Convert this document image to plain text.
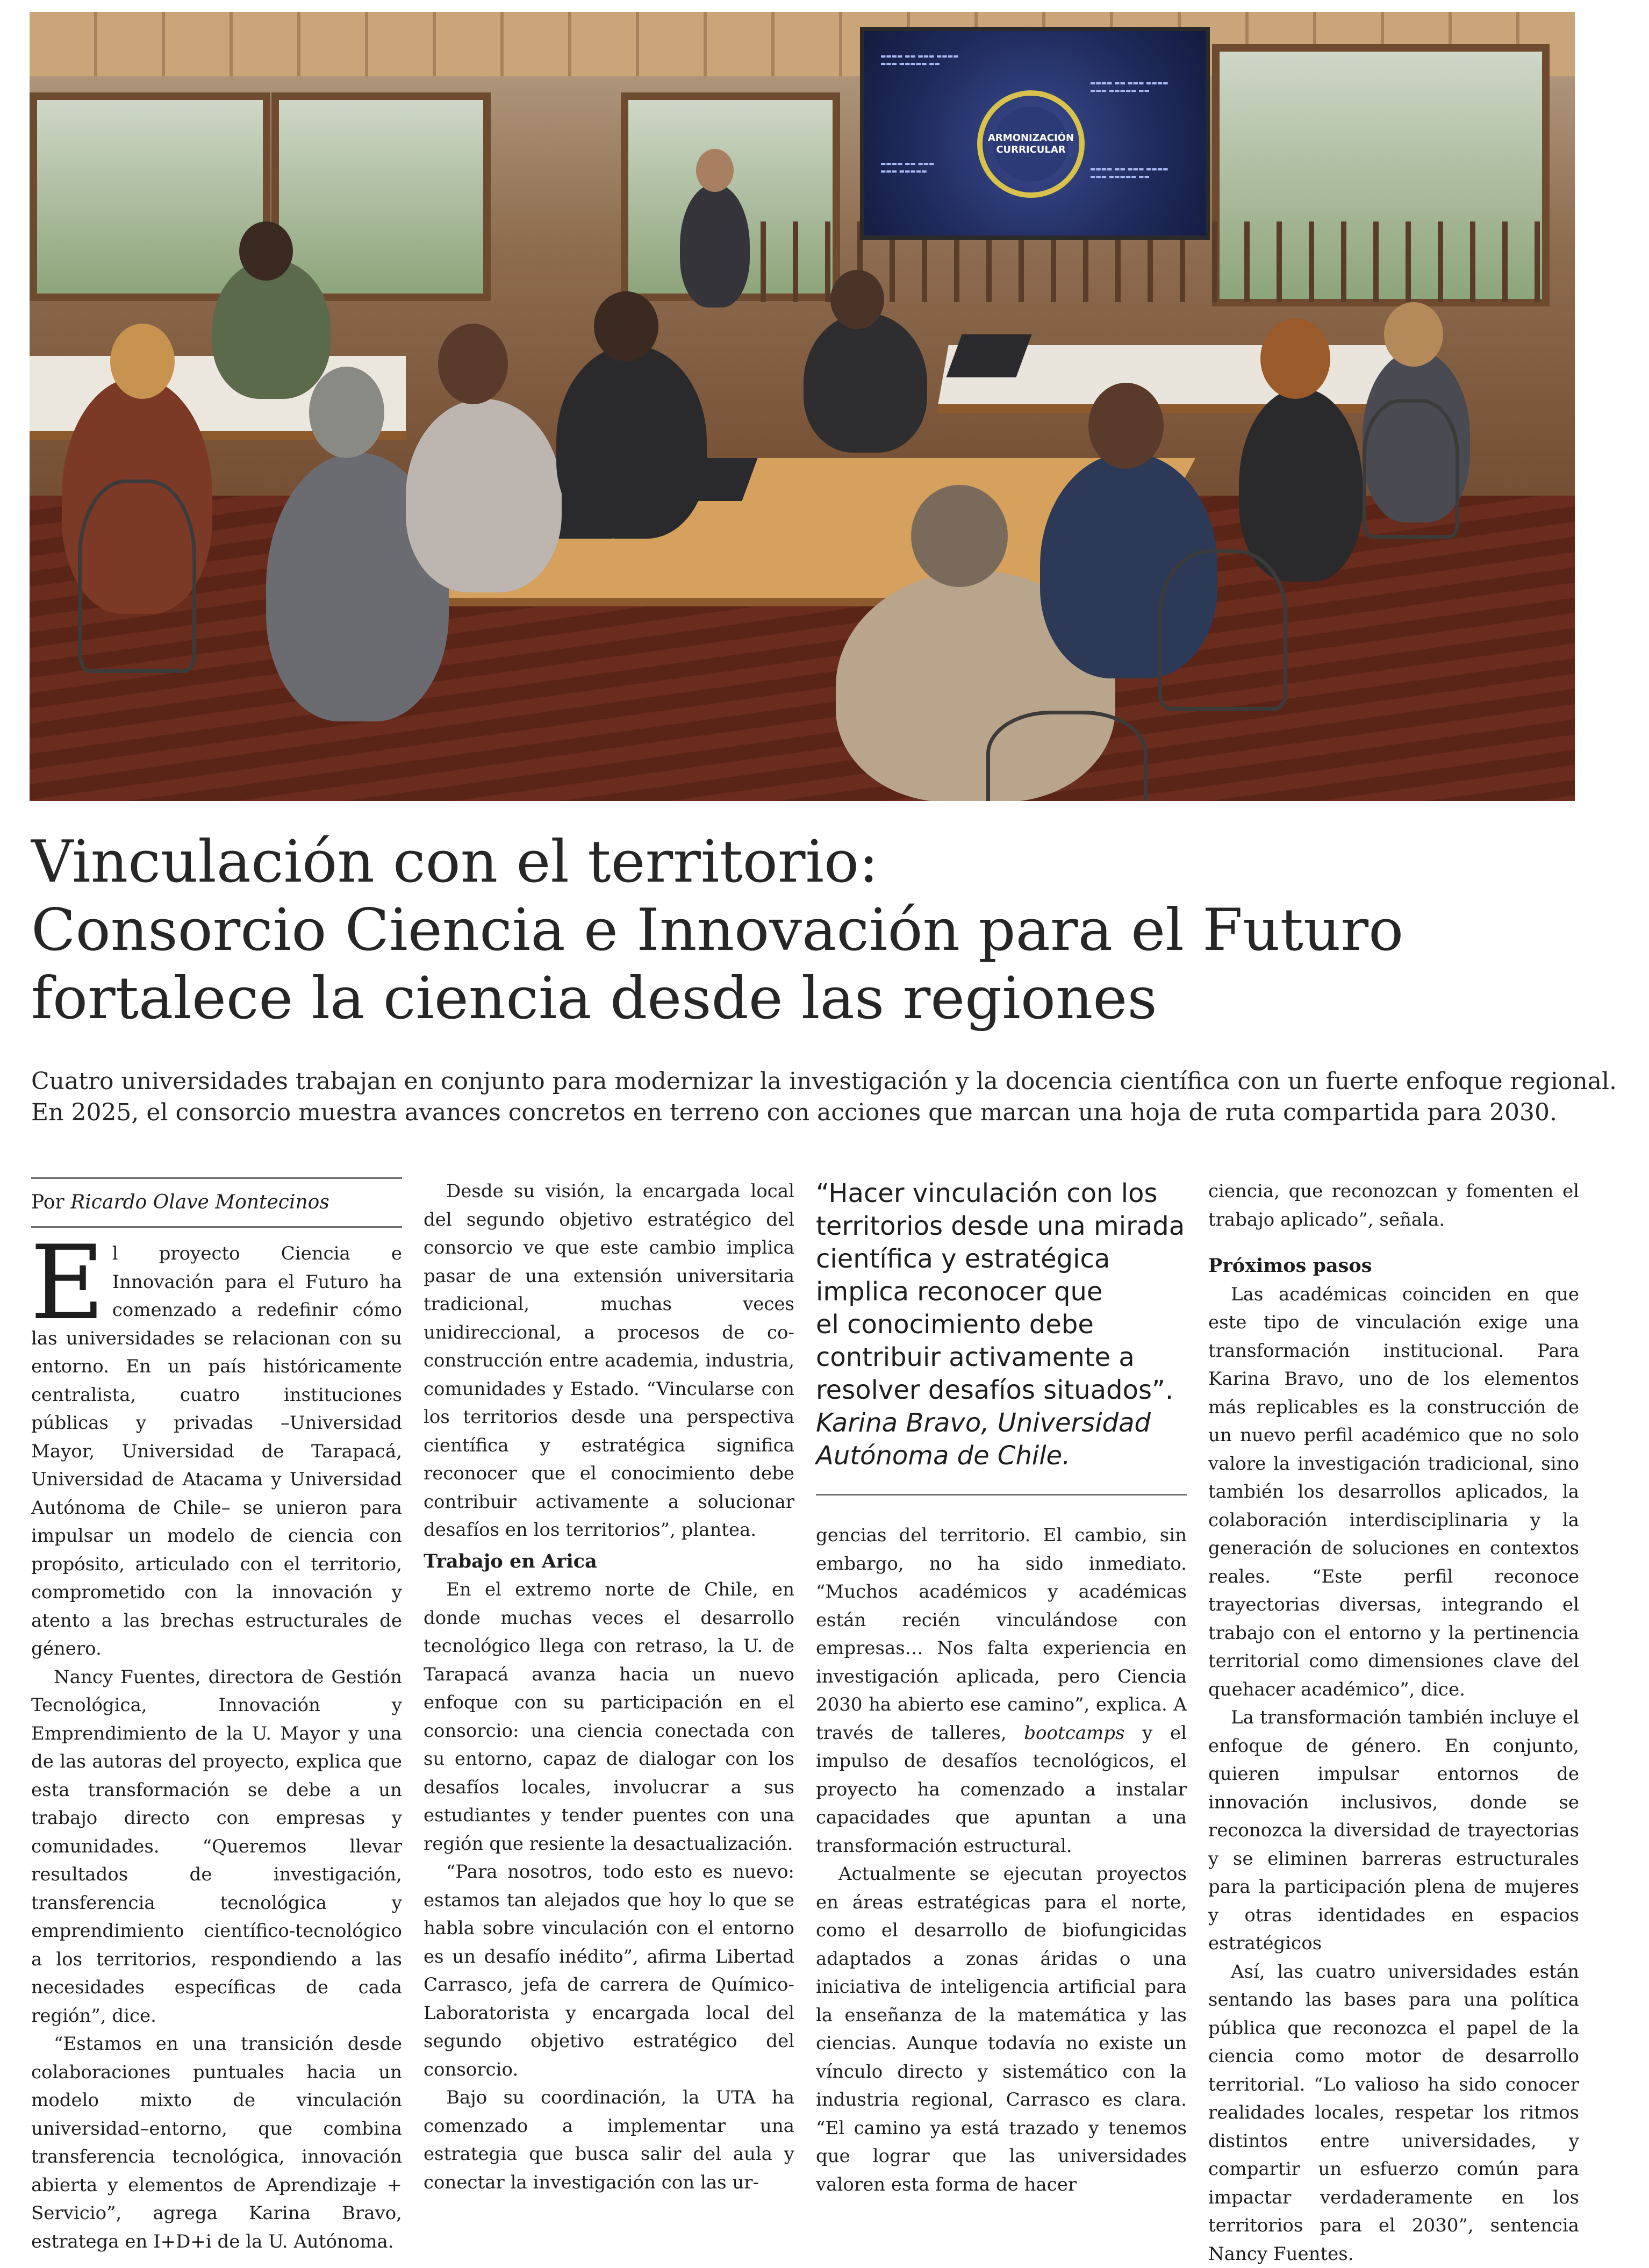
▬▬▬▬ ▬▬ ▬▬▬ ▬▬▬▬
▬▬▬ ▬▬▬▬▬ ▬▬
▬▬▬▬ ▬▬ ▬▬▬ ▬▬▬▬
▬▬▬ ▬▬▬▬▬ ▬▬
▬▬▬▬ ▬▬ ▬▬▬
▬▬▬ ▬▬▬▬▬	▬▬▬▬ ▬▬ ▬▬▬ ▬▬▬▬
▬▬▬ ▬▬▬▬▬ ▬▬
ARMONIZACIÓN CURRICULAR
Vinculación con el territorio:
Consorcio Ciencia e Innovación para el Futuro
fortalece la ciencia desde las regiones

Cuatro universidades trabajan en conjunto para modernizar la investigación y la docencia científica con un fuerte enfoque regional.
En 2025, el consorcio muestra avances concretos en terreno con acciones que marcan una hoja de ruta compartida para 2030.

Por Ricardo Olave Montecinos

El proyecto Ciencia e Innovación para el Futuro ha comenzado a redefinir cómo las universidades se relacionan con su entorno. En un país históricamente centralista, cuatro instituciones públicas y privadas –Universidad Mayor, Universidad de Tarapacá, Universidad de Atacama y Universidad Autónoma de Chile– se unieron para impulsar un modelo de ciencia con propósito, articulado con el territorio, comprometido con la innovación y atento a las brechas estructurales de género.

Nancy Fuentes, directora de Gestión Tecnológica, Innovación y Emprendimiento de la U. Mayor y una de las autoras del proyecto, explica que esta transformación se debe a un trabajo directo con empresas y comunidades. “Queremos llevar resultados de investigación, transferencia tecnológica y emprendimiento científico-tecnológico a los territorios, respondiendo a las necesidades específicas de cada región”, dice.

“Estamos en una transición desde colaboraciones puntuales hacia un modelo mixto de vinculación universidad–entorno, que combina transferencia tecnológica, innovación abierta y elementos de Aprendizaje + Servicio”, agrega Karina Bravo, estratega en I+D+i de la U. Autónoma.

Desde su visión, la encargada local del segundo objetivo estratégico del consorcio ve que este cambio implica pasar de una extensión universitaria tradicional, muchas veces unidireccional, a procesos de co-construcción entre academia, industria, comunidades y Estado. “Vincularse con los territorios desde una perspectiva científica y estratégica significa reconocer que el conocimiento debe contribuir activamente a solucionar desafíos en los territorios”, plantea.

Trabajo en Arica

En el extremo norte de Chile, en donde muchas veces el desarrollo tecnológico llega con retraso, la U. de Tarapacá avanza hacia un nuevo enfoque con su participación en el consorcio: una ciencia conectada con su entorno, capaz de dialogar con los desafíos locales, involucrar a sus estudiantes y tender puentes con una región que resiente la desactualización.

“Para nosotros, todo esto es nuevo: estamos tan alejados que hoy lo que se habla sobre vinculación con el entorno es un desafío inédito”, afirma Libertad Carrasco, jefa de carrera de Químico-Laboratorista y encargada local del segundo objetivo estratégico del consorcio.

Bajo su coordinación, la UTA ha comenzado a implementar una estrategia que busca salir del aula y conectar la investigación con las ur-

“Hacer vinculación con los
territorios desde una mirada
científica y estratégica
implica reconocer que
el conocimiento debe
contribuir activamente a
resolver desafíos situados”.

Karina Bravo, Universidad
Autónoma de Chile.

gencias del territorio. El cambio, sin embargo, no ha sido inmediato. “Muchos académicos y académicas están recién vinculándose con empresas… Nos falta experiencia en investigación aplicada, pero Ciencia 2030 ha abierto ese camino”, explica. A través de talleres, bootcamps y el impulso de desafíos tecnológicos, el proyecto ha comenzado a instalar capacidades que apuntan a una transformación estructural.

Actualmente se ejecutan proyectos en áreas estratégicas para el norte, como el desarrollo de biofungicidas adaptados a zonas áridas o una iniciativa de inteligencia artificial para la enseñanza de la matemática y las ciencias. Aunque todavía no existe un vínculo directo y sistemático con la industria regional, Carrasco es clara. “El camino ya está trazado y tenemos que lograr que las universidades valoren esta forma de hacer

ciencia, que reconozcan y fomenten el trabajo aplicado”, señala.

Próximos pasos

Las académicas coinciden en que este tipo de vinculación exige una transformación institucional. Para Karina Bravo, uno de los elementos más replicables es la construcción de un nuevo perfil académico que no solo valore la investigación tradicional, sino también los desarrollos aplicados, la colaboración interdisciplinaria y la generación de soluciones en contextos reales. “Este perfil reconoce trayectorias diversas, integrando el trabajo con el entorno y la pertinencia territorial como dimensiones clave del quehacer académico”, dice.

La transformación también incluye el enfoque de género. En conjunto, quieren impulsar entornos de innovación inclusivos, donde se reconozca la diversidad de trayectorias y se eliminen barreras estructurales para la participación plena de mujeres y otras identidades en espacios estratégicos

Así, las cuatro universidades están sentando las bases para una política pública que reconozca el papel de la ciencia como motor de desarrollo territorial. “Lo valioso ha sido conocer realidades locales, respetar los ritmos distintos entre universidades, y compartir un esfuerzo común para impactar verdaderamente en los territorios para el 2030”, sentencia Nancy Fuentes.
